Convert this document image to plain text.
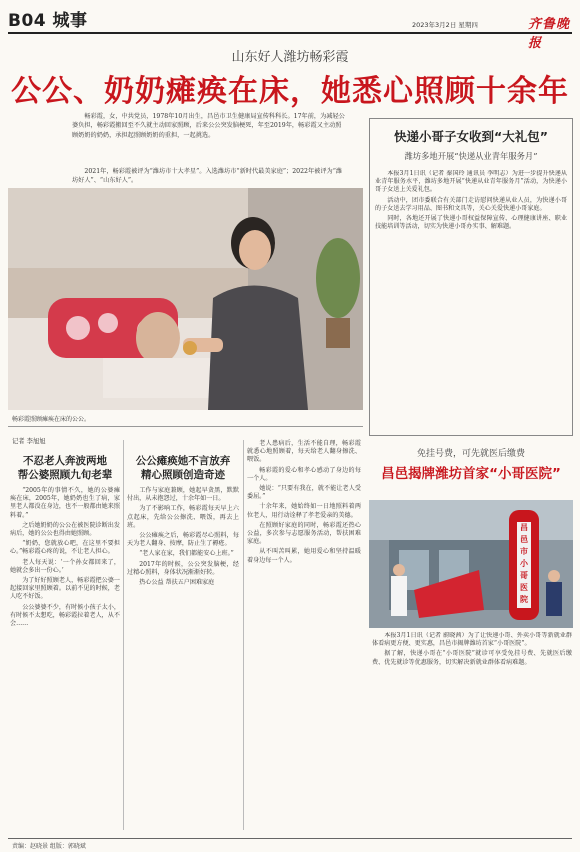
B04 城事	2023年3月2日 星期四	齐鲁晚报
山东好人潍坊畅彩霞
公公、奶奶瘫痪在床，她悉心照顾十余年
畅彩霞，女，中共党员，1978年10月出生，昌邑市卫生健康局宣传科科长。17年前，为减轻公婆负担，畅彩霞搬回至不久就主动回家照顾，后来公公突发脑梗死，年至2019年，畅彩霞又主动照顾奶奶的奶奶，承担起照顾奶奶的重担，一起挑选。
2021年，畅彩霞被评为“潍坊市十大孝星”。入选潍坊市“新时代最美家庭”；2022年被评为“潍坊好人”、“山东好人”。
畅彩霞照顾瘫痪在床的公公。
记者 李旭旭
不忍老人奔波两地
帮公婆照顾九旬老辈
“2005年的事情不久，她的公婆瘫痪在床，2005年，她奶奶也生了病，家里老人都没在身边，也不一般都由她来照料着。”
之后她奶奶的公公在被医院诊断出发病后，她的公公也得由她照顾。
“奶奶，您就放心吧，在这里不要担心。”畅彩霞心疼的说，不让老人担心。
老人每天说：‘一个孙女都回来了，她就会多出一份心。’
为了好好照顾老人，畅彩霞把公婆一起接回家里照顾着。以前不见的时候，老人吃不好饭。
公公婆婆不少，有时候小孩子太小，有时候不太想吃，畅彩霞拉着老人，从不会……
公公瘫痪她不言放弃
精心照顾创造奇迹
工作与家庭兼顾，她起早贪黑，默默付出，从未抱怨过，十余年如一日。
为了不影响工作，畅彩霞每天早上六点起床，先给公公擦洗、喂饭，再去上班。
公公瘫痪之后，畅彩霞尽心照料，每天为老人翻身、按摩，防止生了褥疮。
“老人家在家，我们都能安心上班。”
2017年的时候，公公突发脑梗，经过精心照料，身体状况渐渐好转。
热心公益 帮扶五户困难家庭
老人患病后，生活不能自理，畅彩霞就悉心地照顾着，每天给老人翻身擦洗、喂饭。
畅彩霞的爱心和孝心感动了身边的每一个人。
她说：“只要有我在，就不能让老人受委屈。”
十余年来，她始终如一日地照料着两位老人，用行动诠释了孝老爱亲的美德。
在照顾好家庭的同时，畅彩霞还热心公益，多次参与志愿服务活动，帮扶困难家庭。
从不叫苦叫累，她用爱心和坚持温暖着身边每一个人。
快递小哥子女收到“大礼包”
潍坊多地开展“快递从业青年服务月”
本报3月1日讯（记者 秦国玲 通讯员 李明志）为进一步提升快递从业青年服务水平，潍坊多地开展“快递从业青年服务月”活动，为快递小哥子女送上关爱礼包。
活动中，团市委联合有关部门走访慰问快递从业人员，为快递小哥的子女送去学习用品、图书和文具等，关心关爱快递小哥家庭。
同时，各地还开展了快递小哥权益保障宣传、心理健康讲座、职业技能培训等活动，切实为快递小哥办实事、解难题。
免挂号费，可先就医后缴费
昌邑揭牌潍坊首家“小哥医院”
昌邑市小哥医院
本报3月1日讯（记者 蔚晓茜）为了让快递小哥、外卖小哥等新就业群体看病更方便、更实惠，昌邑市揭牌潍坊首家“小哥医院”。
据了解，快递小哥在“小哥医院”就诊可享受免挂号费、先就医后缴费、优先就诊等优惠服务，切实解决新就业群体看病难题。
责编：赵晓景 组版：郭晓斌
